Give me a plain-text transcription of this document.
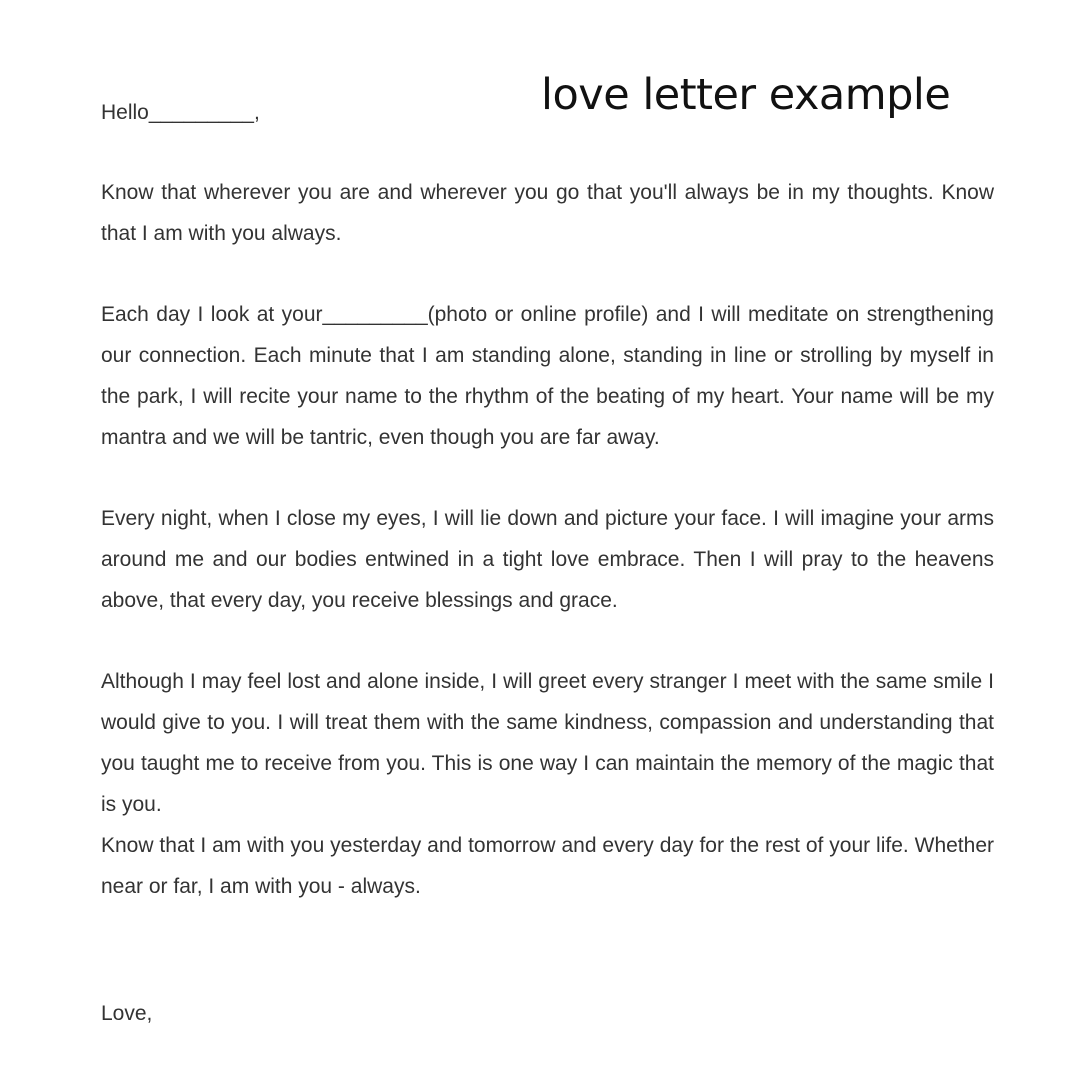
love letter example

Hello_________,

Know that wherever you are and wherever you go that you'll always be in my thoughts. Know that I am with you always.

Each day I look at your_________(photo or online profile) and I will meditate on strengthening our connection. Each minute that I am standing alone, standing in line or strolling by myself in the park, I will recite your name to the rhythm of the beating of my heart. Your name will be my mantra and we will be tantric, even though you are far away.

Every night, when I close my eyes, I will lie down and picture your face. I will imagine your arms around me and our bodies entwined in a tight love embrace. Then I will pray to the heavens above, that every day, you receive blessings and grace.

Although I may feel lost and alone inside, I will greet every stranger I meet with the same smile I would give to you. I will treat them with the same kindness, compassion and understanding that you taught me to receive from you. This is one way I can maintain the memory of the magic that is you.

Know that I am with you yesterday and tomorrow and every day for the rest of your life. Whether near or far, I am with you - always.

Love,
